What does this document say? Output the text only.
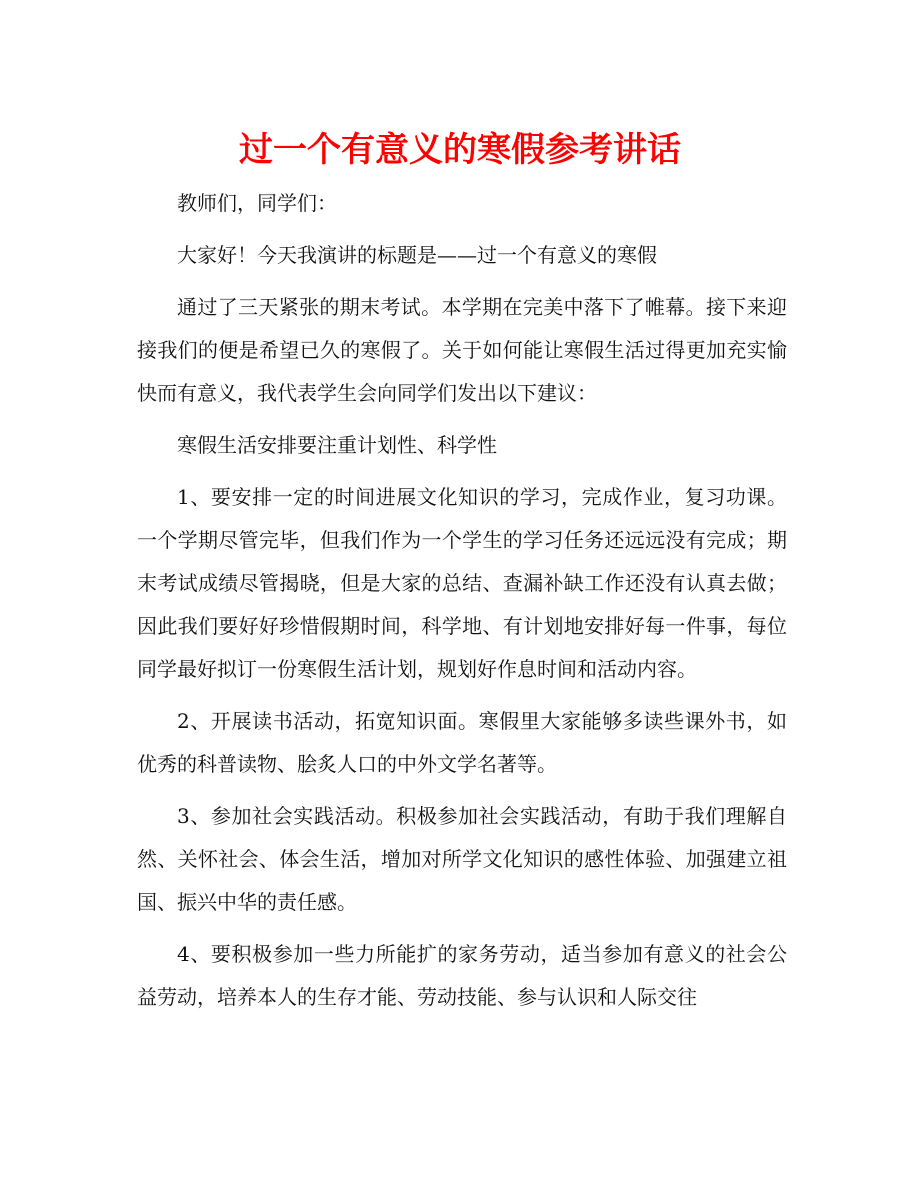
过一个有意义的寒假参考讲话

教师们，同学们：

大家好！今天我演讲的标题是——过一个有意义的寒假

通过了三天紧张的期末考试。本学期在完美中落下了帷幕。接下来迎接我们的便是希望已久的寒假了。关于如何能让寒假生活过得更加充实愉快而有意义，我代表学生会向同学们发出以下建议：

寒假生活安排要注重计划性、科学性

1、要安排一定的时间进展文化知识的学习，完成作业，复习功课。一个学期尽管完毕，但我们作为一个学生的学习任务还远远没有完成；期末考试成绩尽管揭晓，但是大家的总结、查漏补缺工作还没有认真去做；因此我们要好好珍惜假期时间，科学地、有计划地安排好每一件事，每位同学最好拟订一份寒假生活计划，规划好作息时间和活动内容。

2、开展读书活动，拓宽知识面。寒假里大家能够多读些课外书，如优秀的科普读物、脍炙人口的中外文学名著等。

3、参加社会实践活动。积极参加社会实践活动，有助于我们理解自然、关怀社会、体会生活，增加对所学文化知识的感性体验、加强建立祖国、振兴中华的责任感。

4、要积极参加一些力所能扩的家务劳动，适当参加有意义的社会公益劳动，培养本人的生存才能、劳动技能、参与认识和人际交往
